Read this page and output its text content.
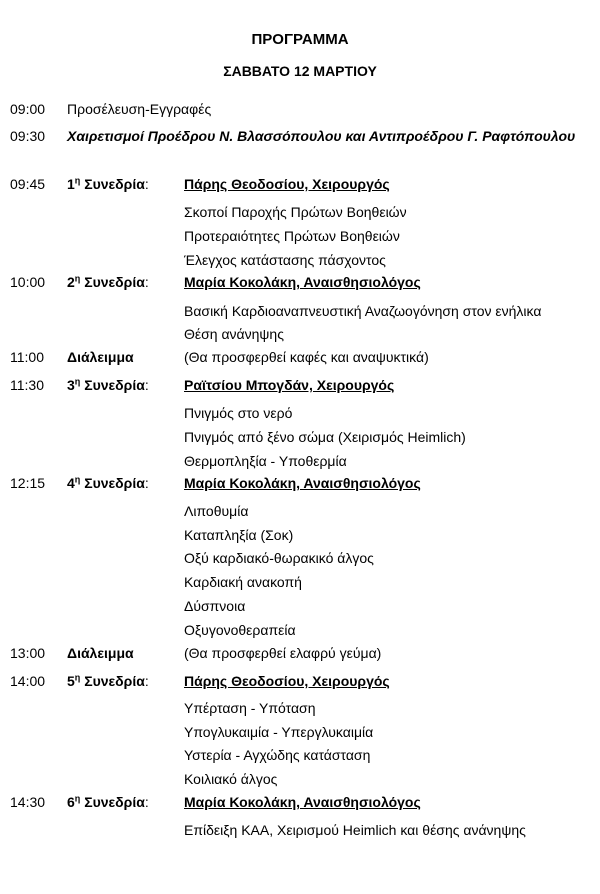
ΠΡΟΓΡΑΜΜΑ
ΣΑΒΒΑΤΟ 12 ΜΑΡΤΙΟΥ
09:00 Προσέλευση-Εγγραφές
09:30 Χαιρετισμοί Προέδρου Ν. Βλασσόπουλου και Αντιπροέδρου Γ. Ραφτόπουλου
09:45 $1^\eta$ Συνεδρία:	Πάρης Θεοδοσίου, Χειρουργός
Σκοποί Παροχής Πρώτων Βοηθειών
Προτεραιότητες Πρώτων Βοηθειών
Έλεγχος κατάστασης πάσχοντος
10:00 $2^\eta$ Συνεδρία:	Μαρία Κοκολάκη, Αναισθησιολόγος
Βασική Καρδιοαναπνευστική Αναζωογόνηση στον ενήλικα
Θέση ανάνηψης
11:00 Διάλειμμα	(Θα προσφερθεί καφές και αναψυκτικά)
11:30 $3^\eta$ Συνεδρία:	Ραϊτσίου Μπογδάν, Χειρουργός
Πνιγμός στο νερό
Πνιγμός από ξένο σώμα (Χειρισμός Heimlich)
Θερμοπληξία - Υποθερμία
12:15 $4^\eta$ Συνεδρία:	Μαρία Κοκολάκη, Αναισθησιολόγος
Λιποθυμία
Καταπληξία (Σοκ)
Οξύ καρδιακό-θωρακικό άλγος
Καρδιακή ανακοπή
Δύσπνοια
Οξυγονοθεραπεία
13:00 Διάλειμμα	(Θα προσφερθεί ελαφρύ γεύμα)
14:00 $5^\eta$ Συνεδρία:	Πάρης Θεοδοσίου, Χειρουργός
Υπέρταση - Υπόταση
Υπογλυκαιμία - Υπεργλυκαιμία
Υστερία - Αγχώδης κατάσταση
Κοιλιακό άλγος
14:30 $6^\eta$ Συνεδρία:	Μαρία Κοκολάκη, Αναισθησιολόγος
Επίδειξη ΚΑΑ, Χειρισμού Heimlich και θέσης ανάνηψης
